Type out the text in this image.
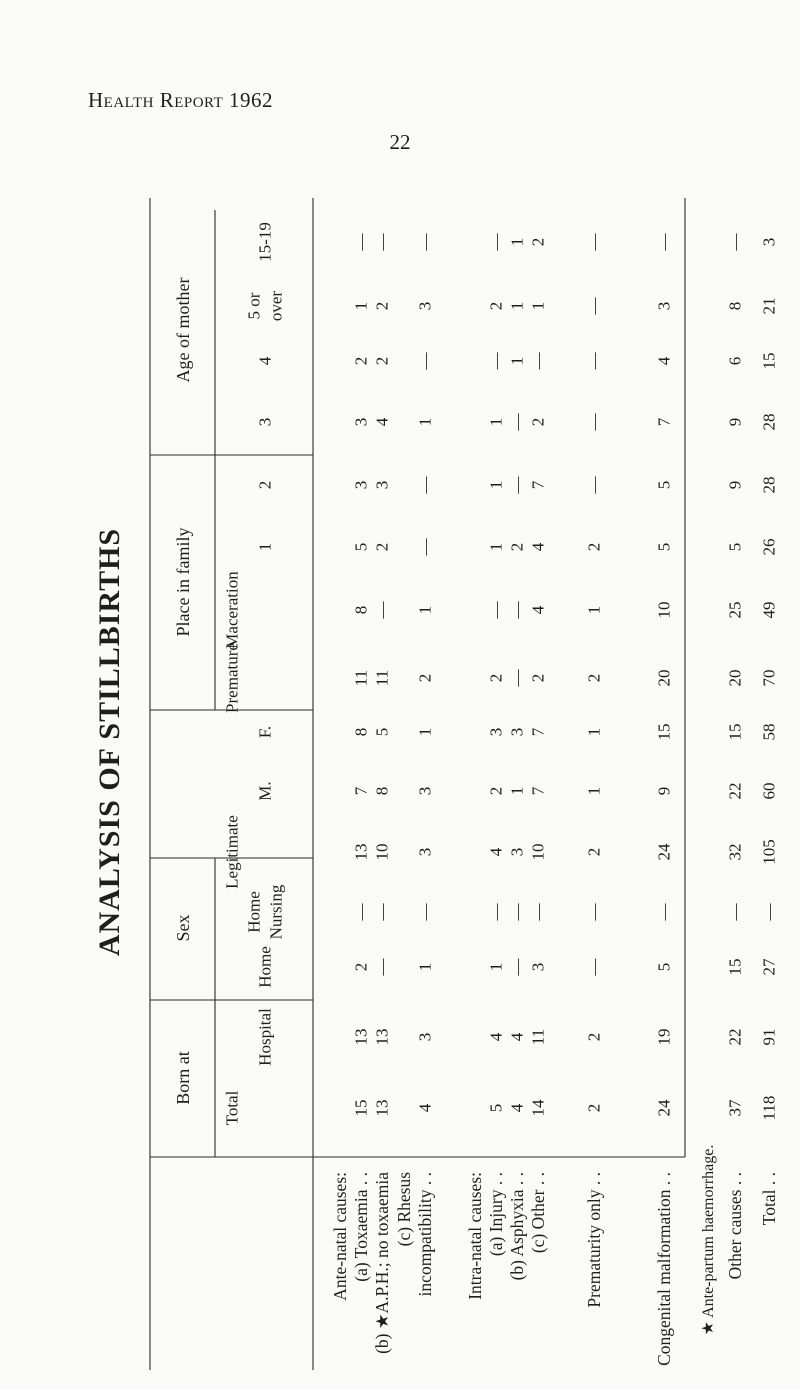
Health Report 1962
22
ANALYSIS OF STILLBIRTHS
★ Ante-partum haemorrhage.
Age of mother
Place in family
Sex
Born at
Total
Hospital
Home
Home Nursing
Legitimate
M.
F.
Premature
Maceration
1
2
3
4
5 or over
15-19
Ante-natal causes: (a) Toxaemia . .
15
13
2
—
13
7
8
11
8
5
3
3
2
1
—
(b) ★A.P.H.; no toxaemia
13
13
—
—
10
8
5
11
—
2
3
4
2
2
—
(c) Rhesus incompatibility . .
4
3
1
—
3
3
1
2
1
—
—
1
—
3
—
Intra-natal causes: (a) Injury . .
5
4
1
—
4
2
3
2
—
1
1
1
—
2
—
(b) Asphyxia . .
4
4
—
—
3
1
3
—
—
2
—
—
1
1
1
(c) Other . .
14
11
3
—
10
7
7
2
4
4
7
2
—
1
2
Prematurity only . .
2
2
—
—
2
1
1
2
1
2
—
—
—
—
—
Congenital malformation . .
24
19
5
—
24
9
15
20
10
5
5
7
4
3
—
Other causes . .
37
22
15
—
32
22
15
20
25
5
9
9
6
8
—
Total . .
118
91
27
—
105
60
58
70
49
26
28
28
15
21
3
